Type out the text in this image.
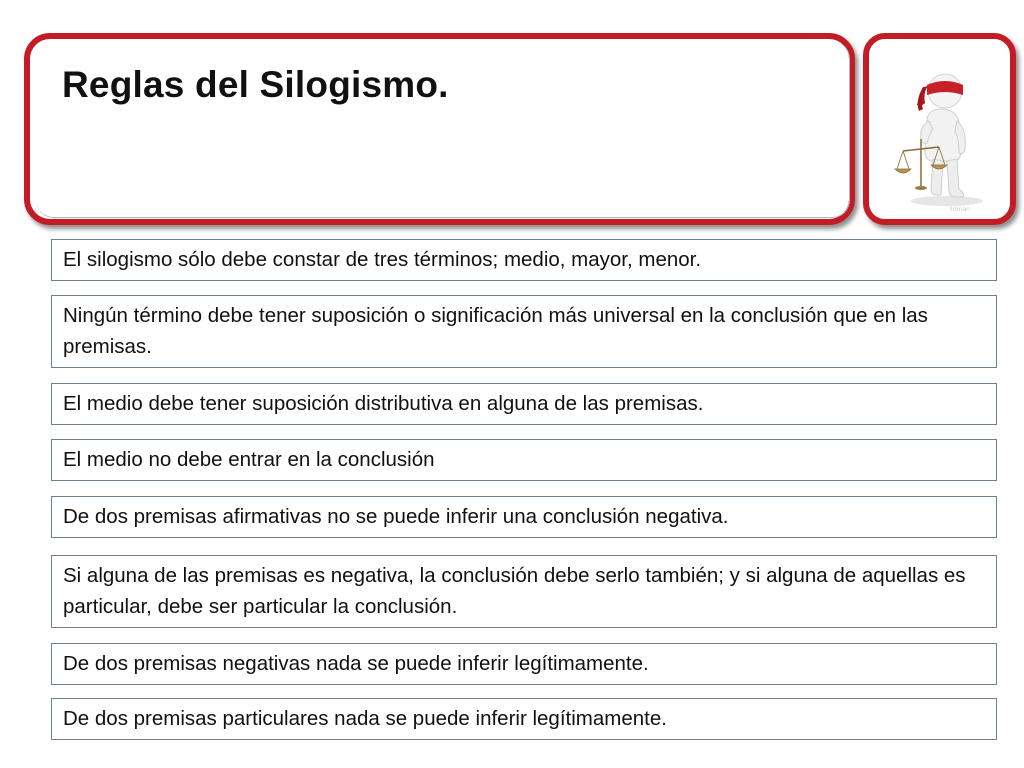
Reglas del Silogismo.
3dman
El silogismo sólo debe constar de tres términos; medio, mayor, menor.
Ningún término debe tener suposición o significación más universal en la conclusión que en las premisas.
El medio debe tener suposición distributiva en alguna de las premisas.
El medio no debe entrar en la conclusión
De dos premisas afirmativas no se puede inferir una conclusión negativa.
Si alguna de las premisas es negativa, la conclusión debe serlo también; y si alguna de aquellas es particular, debe ser particular la conclusión.
De dos premisas negativas nada se puede inferir legítimamente.
De dos premisas particulares nada se puede inferir legítimamente.
